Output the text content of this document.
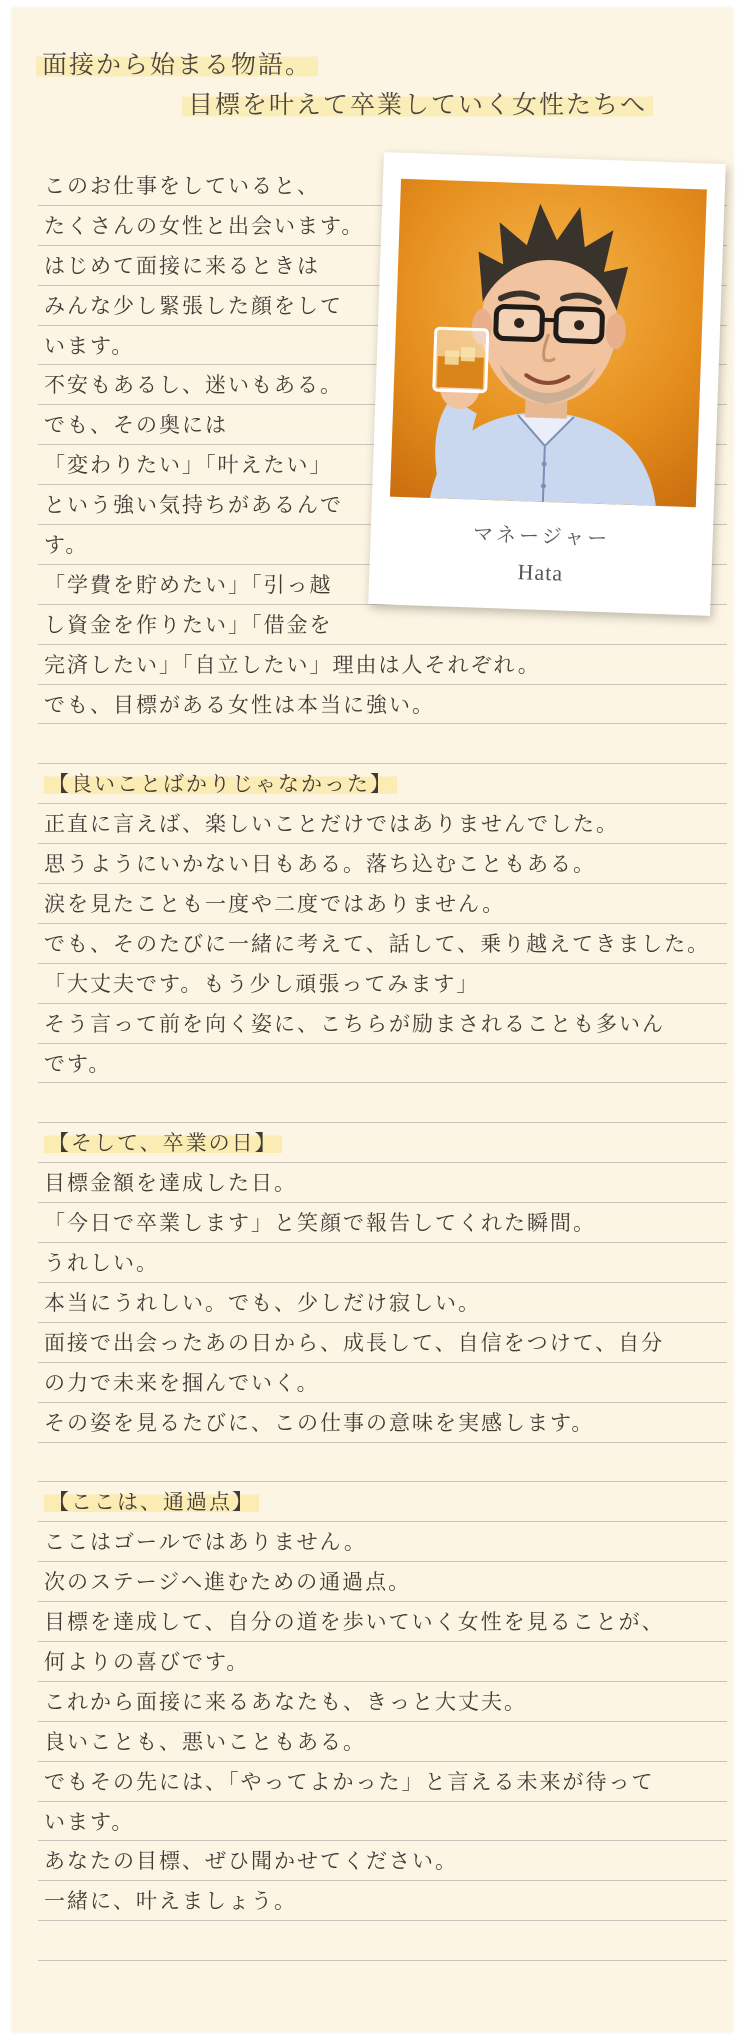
面接から始まる物語。
目標を叶えて卒業していく女性たちへ
このお仕事をしていると、
たくさんの女性と出会います。
はじめて面接に来るときは
みんな少し緊張した顔をして
います。
不安もあるし、迷いもある。
でも、その奥には
「変わりたい」「叶えたい」
という強い気持ちがあるんで
す。
「学費を貯めたい」「引っ越
し資金を作りたい」「借金を
完済したい」「自立したい」理由は人それぞれ。
でも、目標がある女性は本当に強い。
【良いことばかりじゃなかった】
正直に言えば、楽しいことだけではありませんでした。
思うようにいかない日もある。落ち込むこともある。
涙を見たことも一度や二度ではありません。
でも、そのたびに一緒に考えて、話して、乗り越えてきました。
「大丈夫です。もう少し頑張ってみます」
そう言って前を向く姿に、こちらが励まされることも多いん
です。
【そして、卒業の日】
目標金額を達成した日。
「今日で卒業します」と笑顔で報告してくれた瞬間。
うれしい。
本当にうれしい。でも、少しだけ寂しい。
面接で出会ったあの日から、成長して、自信をつけて、自分
の力で未来を掴んでいく。
その姿を見るたびに、この仕事の意味を実感します。
【ここは、通過点】
ここはゴールではありません。
次のステージへ進むための通過点。
目標を達成して、自分の道を歩いていく女性を見ることが、
何よりの喜びです。
これから面接に来るあなたも、きっと大丈夫。
良いことも、悪いこともある。
でもその先には、「やってよかった」と言える未来が待って
います。
あなたの目標、ぜひ聞かせてください。
一緒に、叶えましょう。
マネージャー
Hata
